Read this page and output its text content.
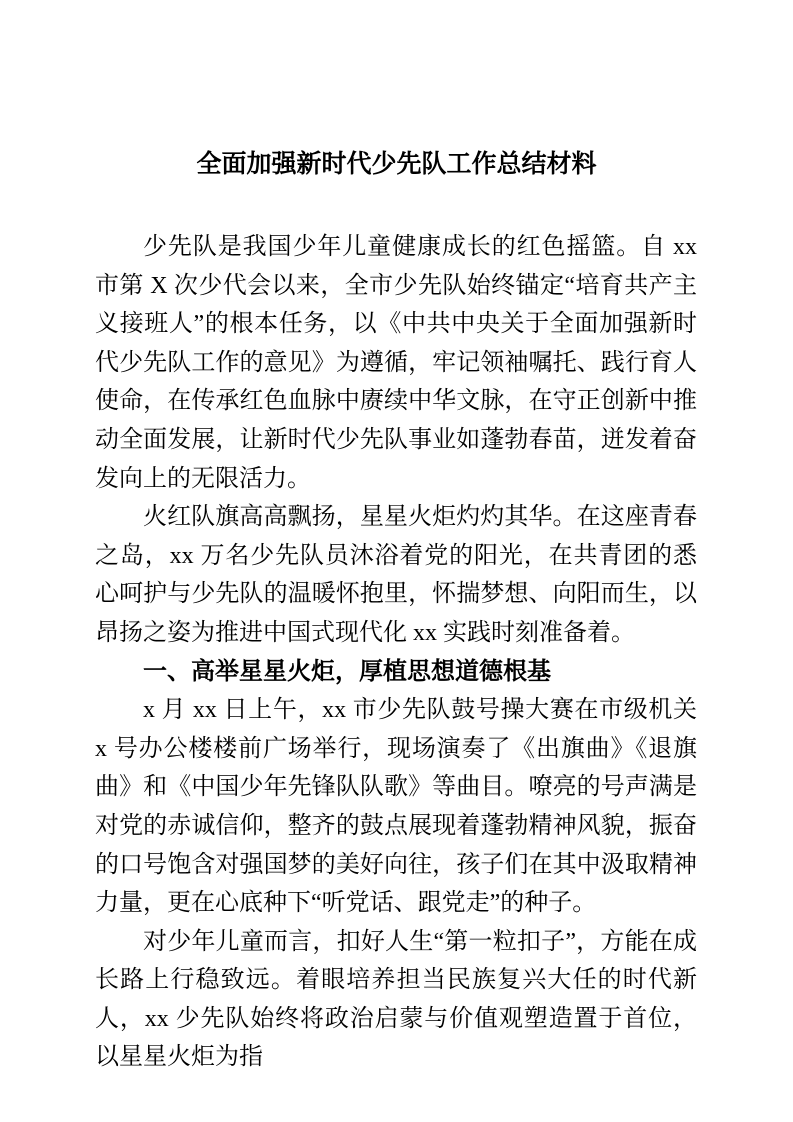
全面加强新时代少先队工作总结材料

少先队是我国少年儿童健康成长的红色摇篮。自 xx 市第 X 次少代会以来，全市少先队始终锚定“培育共产主义接班人”的根本任务，以《中共中央关于全面加强新时代少先队工作的意见》为遵循，牢记领袖嘱托、践行育人使命，在传承红色血脉中赓续中华文脉，在守正创新中推动全面发展，让新时代少先队事业如蓬勃春苗，迸发着奋发向上的无限活力。

火红队旗高高飘扬，星星火炬灼灼其华。在这座青春之岛，xx 万名少先队员沐浴着党的阳光，在共青团的悉心呵护与少先队的温暖怀抱里，怀揣梦想、向阳而生，以昂扬之姿为推进中国式现代化 xx 实践时刻准备着。

一、高举星星火炬，厚植思想道德根基

x 月 xx 日上午，xx 市少先队鼓号操大赛在市级机关 x 号办公楼楼前广场举行，现场演奏了《出旗曲》《退旗曲》和《中国少年先锋队队歌》等曲目。嘹亮的号声满是对党的赤诚信仰，整齐的鼓点展现着蓬勃精神风貌，振奋的口号饱含对强国梦的美好向往，孩子们在其中汲取精神力量，更在心底种下“听党话、跟党走”的种子。

对少年儿童而言，扣好人生“第一粒扣子”，方能在成长路上行稳致远。着眼培养担当民族复兴大任的时代新人，xx 少先队始终将政治启蒙与价值观塑造置于首位，以星星火炬为指
